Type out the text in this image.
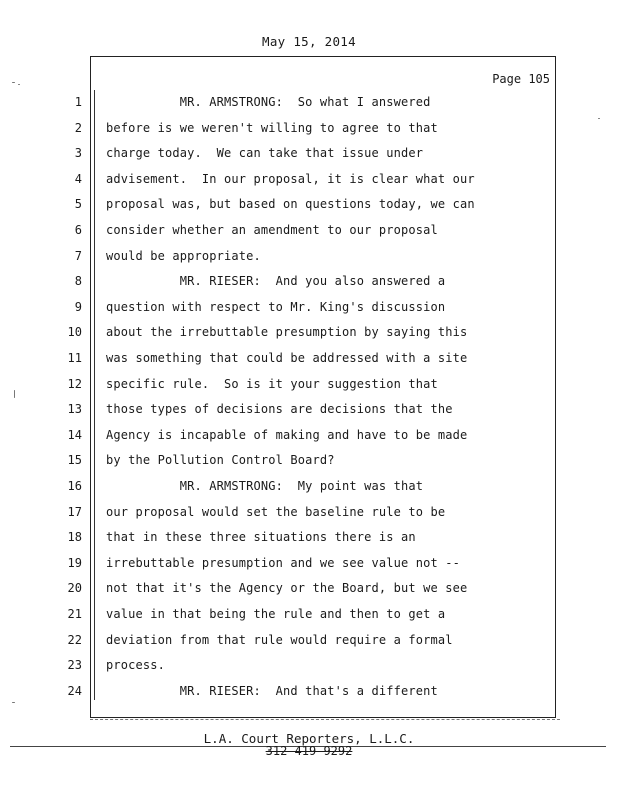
May 15, 2014
Page 105
1 MR. ARMSTRONG:  So what I answered
2 before is we weren't willing to agree to that
3 charge today.  We can take that issue under
4 advisement.  In our proposal, it is clear what our
5 proposal was, but based on questions today, we can
6 consider whether an amendment to our proposal
7 would be appropriate.
8 MR. RIESER:  And you also answered a
9 question with respect to Mr. King's discussion
10 about the irrebuttable presumption by saying this
11 was something that could be addressed with a site
12 specific rule.  So is it your suggestion that
13 those types of decisions are decisions that the
14 Agency is incapable of making and have to be made
15 by the Pollution Control Board?
16 MR. ARMSTRONG:  My point was that
17 our proposal would set the baseline rule to be
18 that in these three situations there is an
19 irrebuttable presumption and we see value not --
20 not that it's the Agency or the Board, but we see
21 value in that being the rule and then to get a
22 deviation from that rule would require a formal
23 process.
24 MR. RIESER:  And that's a different
L.A. Court Reporters, L.L.C.
312-419-9292
